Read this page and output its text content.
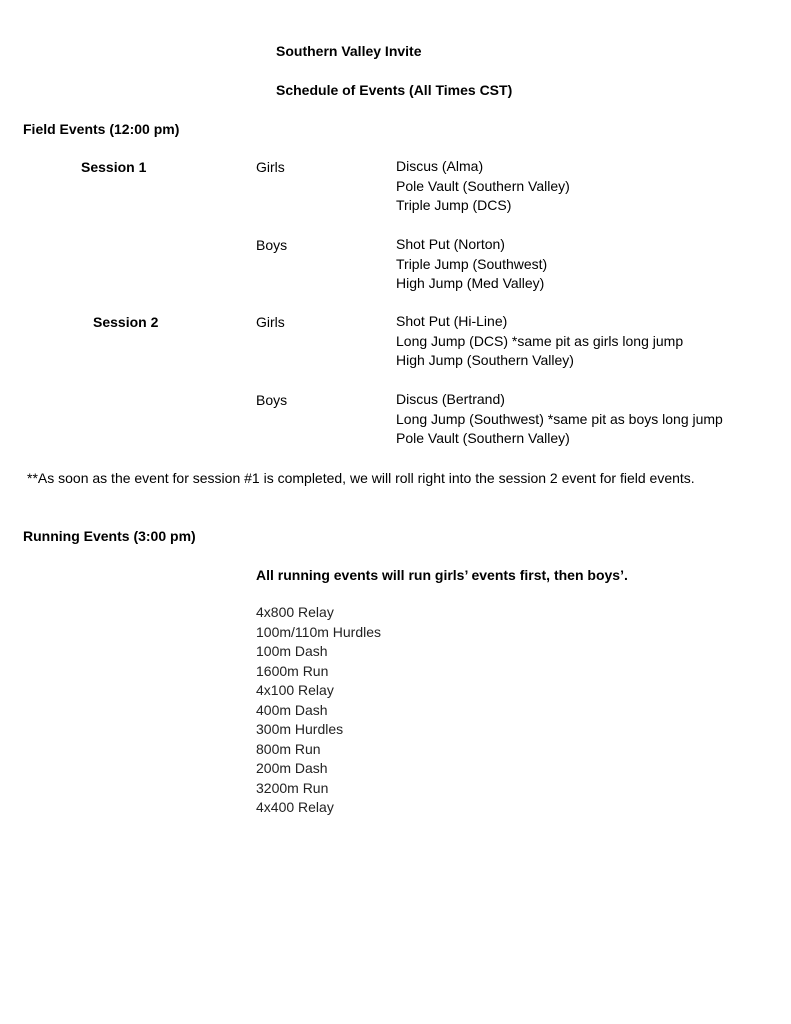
Southern Valley Invite
Schedule of Events (All Times CST)
Field Events (12:00 pm)
Session 1	Girls	Discus (Alma)
Pole Vault (Southern Valley)
Triple Jump (DCS)
Boys	Shot Put (Norton)
Triple Jump (Southwest)
High Jump (Med Valley)
Session 2	Girls	Shot Put (Hi-Line)
Long Jump (DCS) *same pit as girls long jump
High Jump (Southern Valley)
Boys	Discus (Bertrand)
Long Jump (Southwest) *same pit as boys long jump
Pole Vault (Southern Valley)
**As soon as the event for session #1 is completed, we will roll right into the session 2 event for field events.
Running Events (3:00 pm)
All running events will run girls’ events first, then boys’.
4x800 Relay
100m/110m Hurdles
100m Dash
1600m Run
4x100 Relay
400m Dash
300m Hurdles
800m Run
200m Dash
3200m Run
4x400 Relay
